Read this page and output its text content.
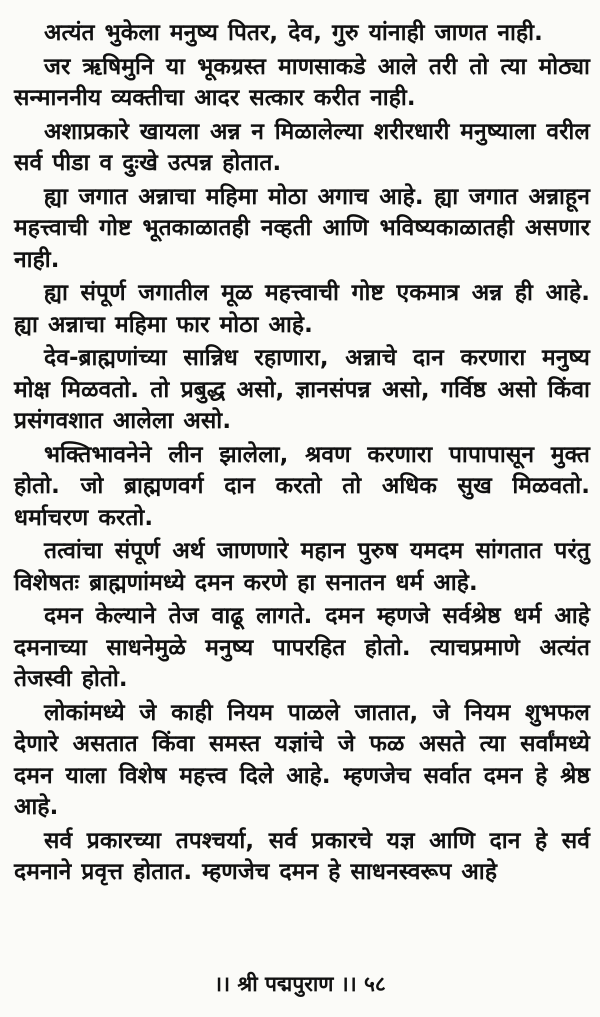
अत्यंत भुकेला मनुष्य पितर, देव, गुरु यांनाही जाणत नाही.

जर ऋषिमुनि या भूकग्रस्त माणसाकडे आले तरी तो त्या मोठ्या सन्माननीय व्यक्तीचा आदर सत्कार करीत नाही.

अशाप्रकारे खायला अन्न न मिळालेल्या शरीरधारी मनुष्याला वरील सर्व पीडा व दुःखे उत्पन्न होतात.

ह्या जगात अन्नाचा महिमा मोठा अगाच आहे. ह्या जगात अन्नाहून महत्त्वाची गोष्ट भूतकाळातही नव्हती आणि भविष्यकाळातही असणार नाही.

ह्या संपूर्ण जगातील मूळ महत्त्वाची गोष्ट एकमात्र अन्न ही आहे. ह्या अन्नाचा महिमा फार मोठा आहे.

देव-ब्राह्मणांच्या सान्निध रहाणारा, अन्नाचे दान करणारा मनुष्य मोक्ष मिळवतो. तो प्रबुद्ध असो, ज्ञानसंपन्न असो, गर्विष्ठ असो किंवा प्रसंगवशात आलेला असो.

भक्तिभावनेने लीन झालेला, श्रवण करणारा पापापासून मुक्त होतो. जो ब्राह्मणवर्ग दान करतो तो अधिक सुख मिळवतो. धर्माचरण करतो.

तत्वांचा संपूर्ण अर्थ जाणणारे महान पुरुष यमदम सांगतात परंतु विशेषतः ब्राह्मणांमध्ये दमन करणे हा सनातन धर्म आहे.

दमन केल्याने तेज वाढू लागते. दमन म्हणजे सर्वश्रेष्ठ धर्म आहे दमनाच्या साधनेमुळे मनुष्य पापरहित होतो. त्याचप्रमाणे अत्यंत तेजस्वी होतो.

लोकांमध्ये जे काही नियम पाळले जातात, जे नियम शुभफल देणारे असतात किंवा समस्त यज्ञांचे जे फळ असते त्या सर्वांमध्ये दमन याला विशेष महत्त्व दिले आहे. म्हणजेच सर्वात दमन हे श्रेष्ठ आहे.

सर्व प्रकारच्या तपश्चर्या, सर्व प्रकारचे यज्ञ आणि दान हे सर्व दमनाने प्रवृत्त होतात. म्हणजेच दमन हे साधनस्वरूप आहे

।। श्री पद्मपुराण ।। ५८
